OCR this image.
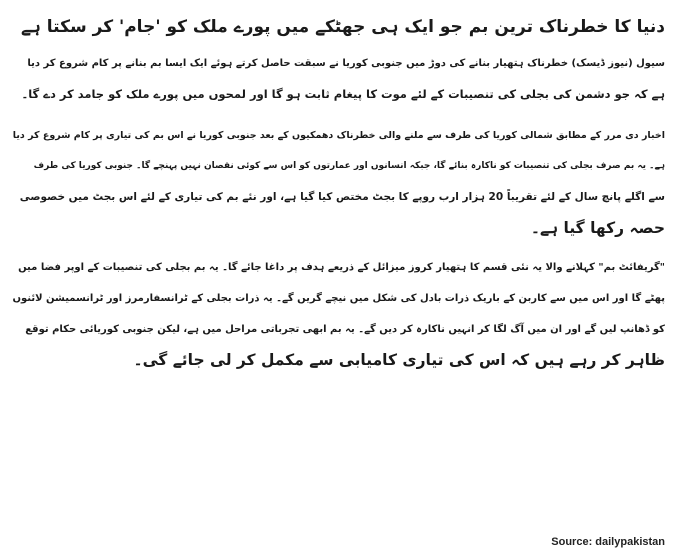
دنیا کا خطرناک ترین بم جو ایک ہی جھٹکے میں پورے ملک کو 'جام' کر سکتا ہے
سیول (نیوز ڈیسک) خطرناک ہتھیار بنانے کی دوڑ میں جنوبی کوریا نے سبقت حاصل کرتے ہوئے ایک ایسا بم بنانے پر کام شروع کر دیا
ہے کہ جو دشمن کی بجلی کی تنصیبات کے لئے موت کا پیغام ثابت ہو گا اور لمحوں میں پورے ملک کو جامد کر دے گا۔
اخبار دی مرر کے مطابق شمالی کوریا کی طرف سے ملنے والی خطرناک دھمکیوں کے بعد جنوبی کوریا نے اس بم کی تیاری پر کام شروع کر دیا
ہے۔ یہ بم صرف بجلی کی تنصیبات کو ناکارہ بنائے گا، جبکہ انسانوں اور عمارتوں کو اس سے کوئی نقصان نہیں پہنچے گا۔ جنوبی کوریا کی طرف
سے اگلے پانچ سال کے لئے تقریباً 20 ہزار ارب روپے کا بجٹ مختص کیا گیا ہے، اور نئے بم کی تیاری کے لئے اس بجٹ میں خصوصی
حصہ رکھا گیا ہے۔
"گریفائٹ بم" کہلانے والا یہ نئی قسم کا ہتھیار کروز میزائل کے ذریعے ہدف پر داغا جائے گا۔ یہ بم بجلی کی تنصیبات کے اوپر فضا میں
پھٹے گا اور اس میں سے کاربن کے باریک ذرات بادل کی شکل میں نیچے گریں گے۔ یہ ذرات بجلی کے ٹرانسفارمرز اور ٹرانسمیشن لائنوں
کو ڈھانپ لیں گے اور ان میں آگ لگا کر انہیں ناکارہ کر دیں گے۔ یہ بم ابھی تجرباتی مراحل میں ہے، لیکن جنوبی کوریائی حکام توقع
ظاہر کر رہے ہیں کہ اس کی تیاری کامیابی سے مکمل کر لی جائے گی۔
Source: dailypakistan
